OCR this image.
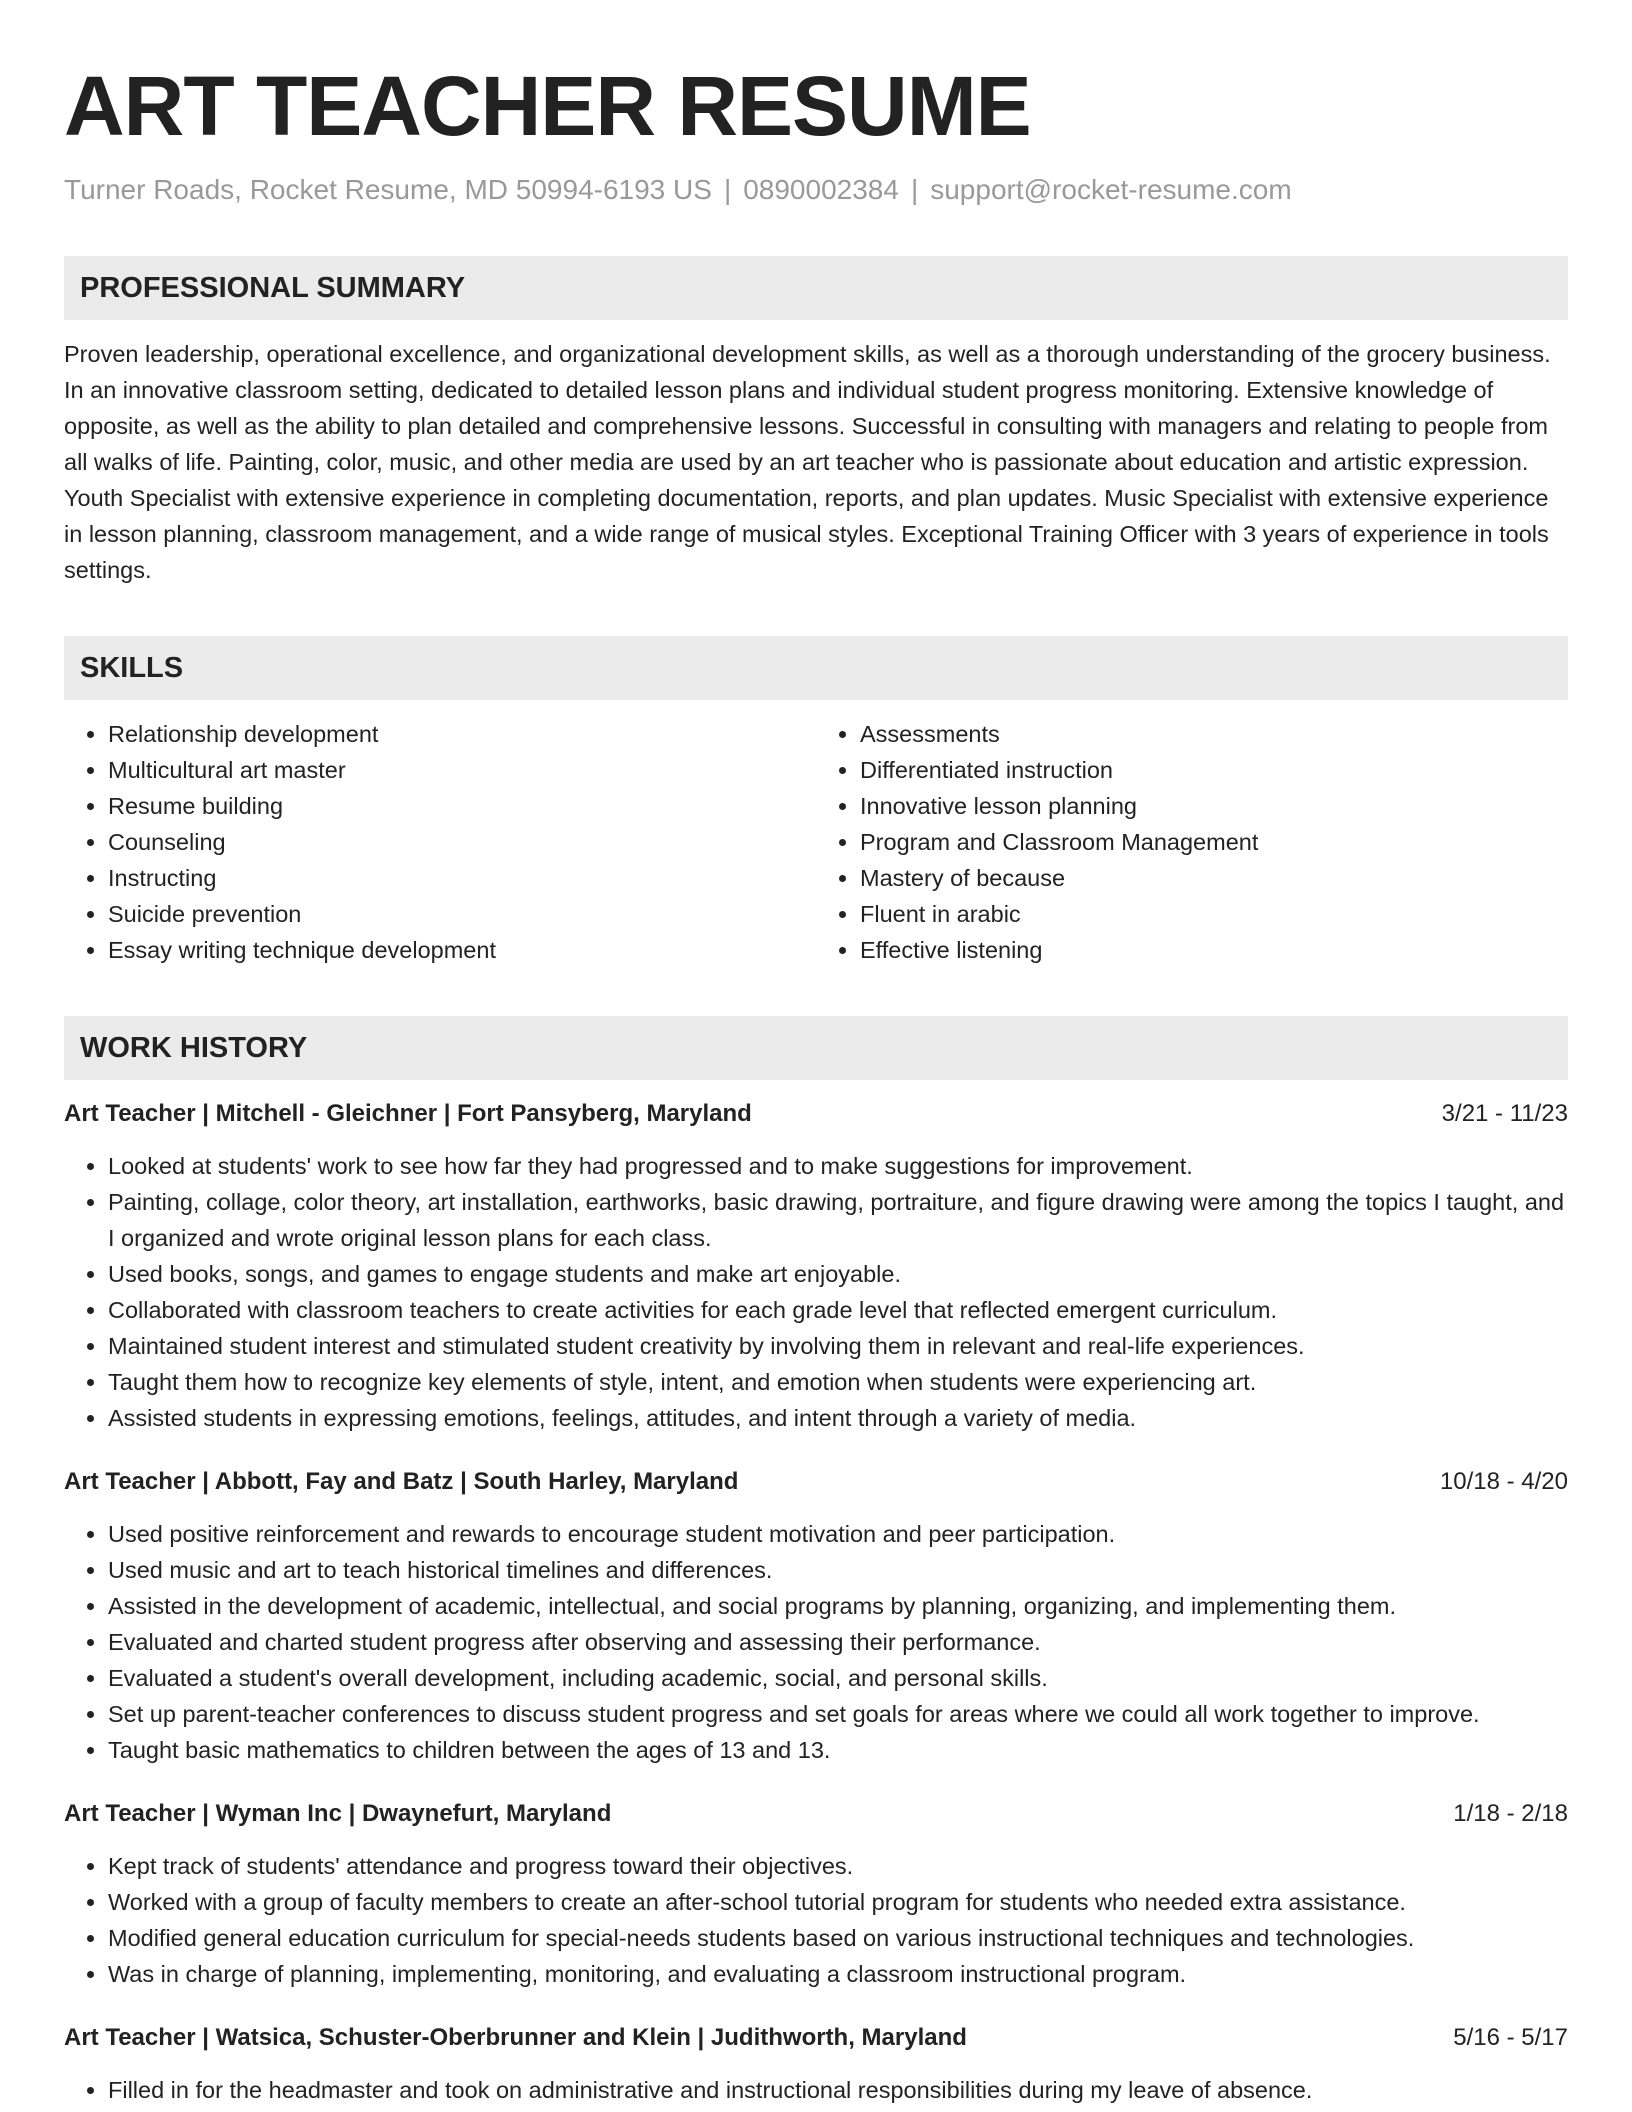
ART TEACHER RESUME
Turner Roads, Rocket Resume, MD 50994-6193 US | 0890002384 | support@rocket-resume.com
PROFESSIONAL SUMMARY

Proven leadership, operational excellence, and organizational development skills, as well as a thorough understanding of the grocery business. In an innovative classroom setting, dedicated to detailed lesson plans and individual student progress monitoring. Extensive knowledge of opposite, as well as the ability to plan detailed and comprehensive lessons. Successful in consulting with managers and relating to people from all walks of life. Painting, color, music, and other media are used by an art teacher who is passionate about education and artistic expression. Youth Specialist with extensive experience in completing documentation, reports, and plan updates. Music Specialist with extensive experience in lesson planning, classroom management, and a wide range of musical styles. Exceptional Training Officer with 3 years of experience in tools settings.

SKILLS
• Relationship development
• Multicultural art master
• Resume building
• Counseling
• Instructing
• Suicide prevention
• Essay writing technique development
• Assessments
• Differentiated instruction
• Innovative lesson planning
• Program and Classroom Management
• Mastery of because
• Fluent in arabic
• Effective listening
WORK HISTORY
Art Teacher | Mitchell - Gleichner | Fort Pansyberg, Maryland	3/21 - 11/23
• Looked at students' work to see how far they had progressed and to make suggestions for improvement.
• Painting, collage, color theory, art installation, earthworks, basic drawing, portraiture, and figure drawing were among the topics I taught, and I organized and wrote original lesson plans for each class.
• Used books, songs, and games to engage students and make art enjoyable.
• Collaborated with classroom teachers to create activities for each grade level that reflected emergent curriculum.
• Maintained student interest and stimulated student creativity by involving them in relevant and real-life experiences.
• Taught them how to recognize key elements of style, intent, and emotion when students were experiencing art.
• Assisted students in expressing emotions, feelings, attitudes, and intent through a variety of media.
Art Teacher | Abbott, Fay and Batz | South Harley, Maryland	10/18 - 4/20
• Used positive reinforcement and rewards to encourage student motivation and peer participation.
• Used music and art to teach historical timelines and differences.
• Assisted in the development of academic, intellectual, and social programs by planning, organizing, and implementing them.
• Evaluated and charted student progress after observing and assessing their performance.
• Evaluated a student's overall development, including academic, social, and personal skills.
• Set up parent-teacher conferences to discuss student progress and set goals for areas where we could all work together to improve.
• Taught basic mathematics to children between the ages of 13 and 13.
Art Teacher | Wyman Inc | Dwaynefurt, Maryland	1/18 - 2/18
• Kept track of students' attendance and progress toward their objectives.
• Worked with a group of faculty members to create an after-school tutorial program for students who needed extra assistance.
• Modified general education curriculum for special-needs students based on various instructional techniques and technologies.
• Was in charge of planning, implementing, monitoring, and evaluating a classroom instructional program.
Art Teacher | Watsica, Schuster-Oberbrunner and Klein | Judithworth, Maryland	5/16 - 5/17
• Filled in for the headmaster and took on administrative and instructional responsibilities during my leave of absence.
